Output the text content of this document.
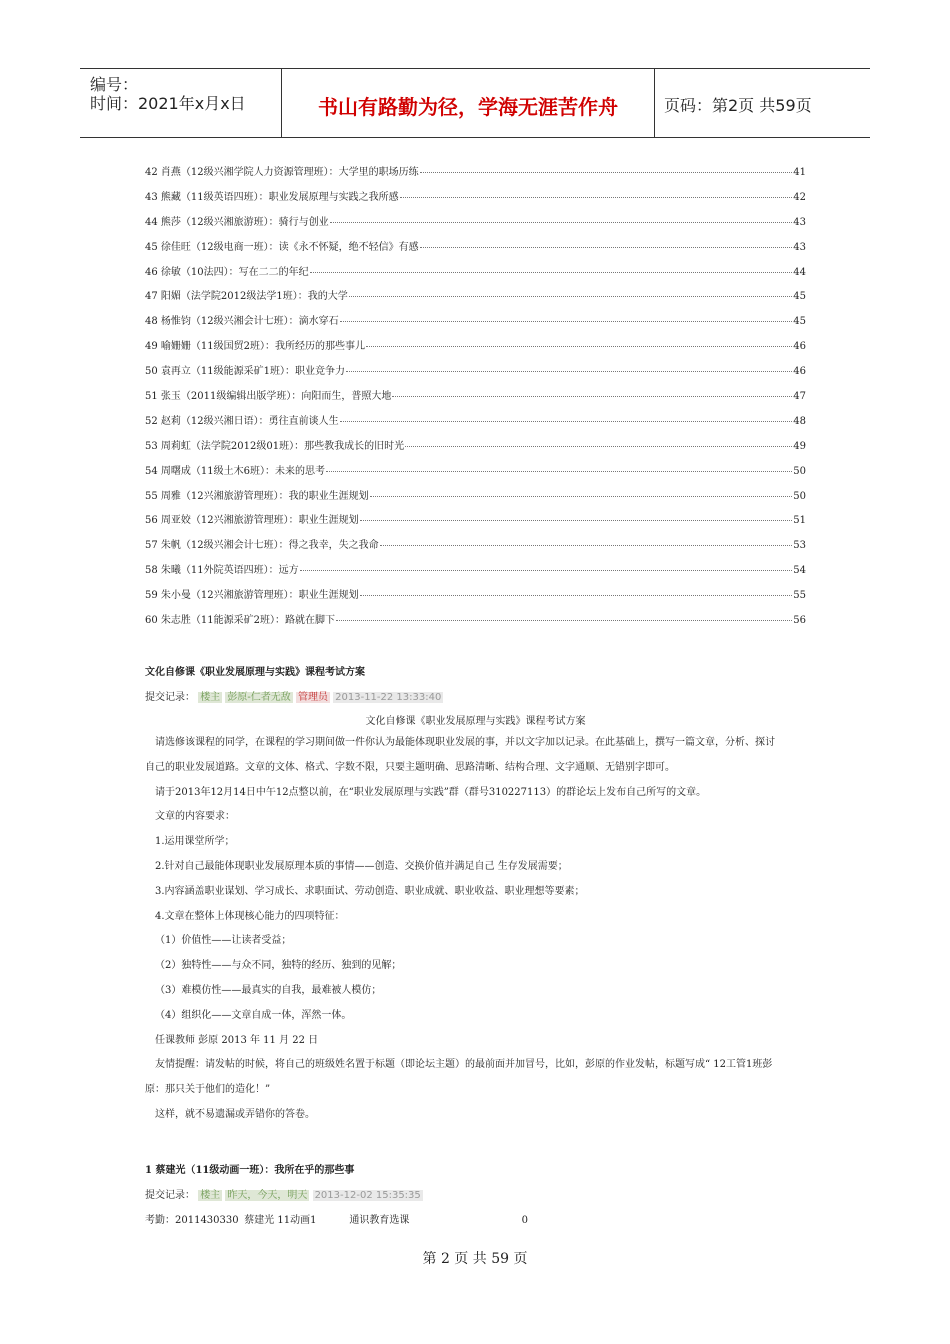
编号：
时间：2021年x月x日	书山有路勤为径，学海无涯苦作舟	页码：第2页 共59页
42 肖燕（12级兴湘学院人力资源管理班）：大学里的职场历练	41
43 熊藏（11级英语四班）：职业发展原理与实践之我所感	42
44 熊莎（12级兴湘旅游班）：骑行与创业	43
45 徐佳旺（12级电商一班）：读《永不怀疑，绝不轻信》有感	43
46 徐敏（10法四）：写在二二的年纪	44
47 阳媚（法学院2012级法学1班）：我的大学	45
48 杨惟钧（12级兴湘会计七班）：滴水穿石	45
49 喻姗姗（11级国贸2班）：我所经历的那些事儿	46
50 袁再立（11级能源采矿1班）：职业竞争力	46
51 张玉（2011级编辑出版学班）：向阳而生，普照大地	47
52 赵莉（12级兴湘日语）：勇往直前谈人生	48
53 周莉虹（法学院2012级01班）：那些教我成长的旧时光	49
54 周曙成（11级土木6班）：未来的思考	50
55 周雅（12兴湘旅游管理班）：我的职业生涯规划	50
56 周亚姣（12兴湘旅游管理班）：职业生涯规划	51
57 朱帆（12级兴湘会计七班）：得之我幸，失之我命	53
58 朱曦（11外院英语四班）：远方	54
59 朱小曼（12兴湘旅游管理班）：职业生涯规划	55
60 朱志胜（11能源采矿2班）：路就在脚下	56
文化自修课《职业发展原理与实践》课程考试方案
提交记录： 楼主 彭原-仁者无敌 管理员 2013-11-22 13:33:40
文化自修课《职业发展原理与实践》课程考试方案

请选修该课程的同学，在课程的学习期间做一件你认为最能体现职业发展的事，并以文字加以记录。在此基础上，撰写一篇文章，分析、探讨

自己的职业发展道路。文章的文体、格式、字数不限，只要主题明确、思路清晰、结构合理、文字通顺、无错别字即可。

请于2013年12月14日中午12点整以前，在“职业发展原理与实践”群（群号310227113）的群论坛上发布自己所写的文章。

文章的内容要求：

1.运用课堂所学；

2.针对自己最能体现职业发展原理本质的事情——创造、交换价值并满足自己 生存发展需要；

3.内容涵盖职业谋划、学习成长、求职面试、劳动创造、职业成就、职业收益、职业理想等要素；

4.文章在整体上体现核心能力的四项特征：

（1）价值性——让读者受益；

（2）独特性——与众不同，独特的经历、独到的见解；

（3）难模仿性——最真实的自我，最难被人模仿；

（4）组织化——文章自成一体，浑然一体。

任课教师 彭原 2013 年 11 月 22 日

友情提醒：请发帖的时候，将自己的班级姓名置于标题（即论坛主题）的最前面并加冒号，比如，彭原的作业发帖，标题写成“ 12工管1班彭

原：那只关于他们的造化！”

这样，就不易遗漏或弄错你的答卷。

1 蔡建光（11级动画一班）：我所在乎的那些事
提交记录： 楼主 昨天，今天，明天 2013-12-02 15:35:35
考勤：2011430330 蔡建光 11动画1	通识教育选课	0
第 2 页 共 59 页
